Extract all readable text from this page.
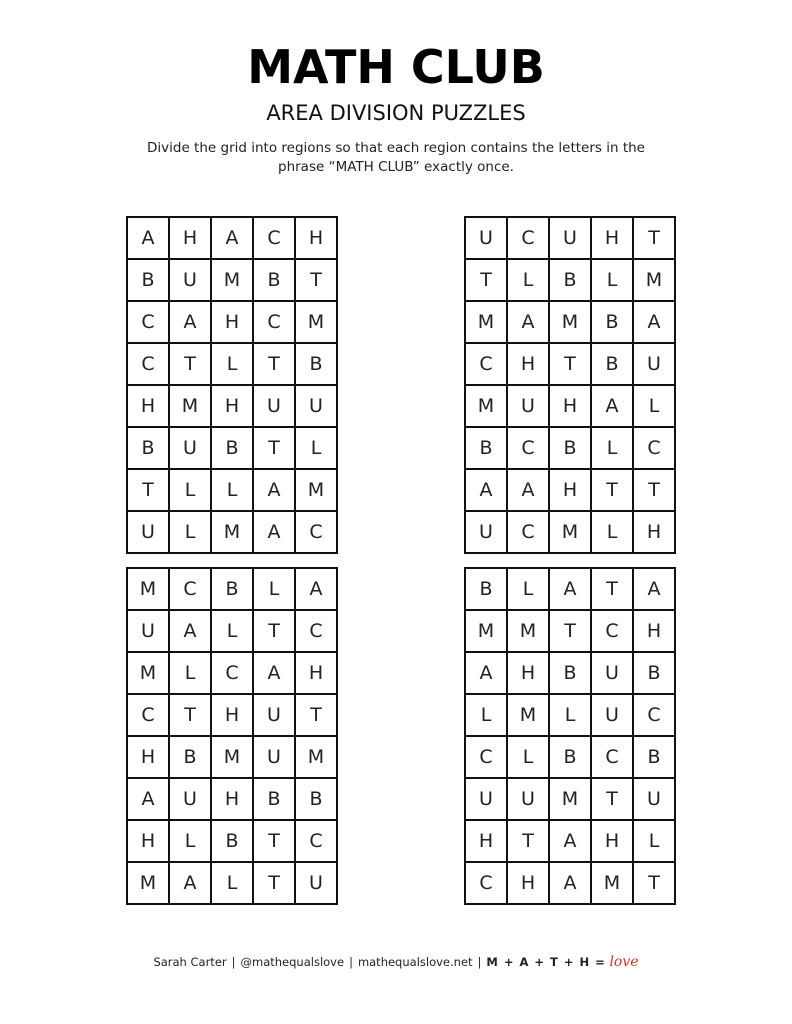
MATH CLUB
AREA DIVISION PUZZLES
Divide the grid into regions so that each region contains the letters in the
phrase “MATH CLUB” exactly once.
A	H	A	C	H
B	U	M	B	T
C	A	H	C	M
C	T	L	T	B
H	M	H	U	U
B	U	B	T	L
T	L	L	A	M
U	L	M	A	C
U	C	U	H	T
T	L	B	L	M
M	A	M	B	A
C	H	T	B	U
M	U	H	A	L
B	C	B	L	C
A	A	H	T	T
U	C	M	L	H
M	C	B	L	A
U	A	L	T	C
M	L	C	A	H
C	T	H	U	T
H	B	M	U	M
A	U	H	B	B
H	L	B	T	C
M	A	L	T	U
B	L	A	T	A
M	M	T	C	H
A	H	B	U	B
L	M	L	U	C
C	L	B	C	B
U	U	M	T	U
H	T	A	H	L
C	H	A	M	T
Sarah Carter | @mathequalslove | mathequalslove.net | M + A + T + H = love
